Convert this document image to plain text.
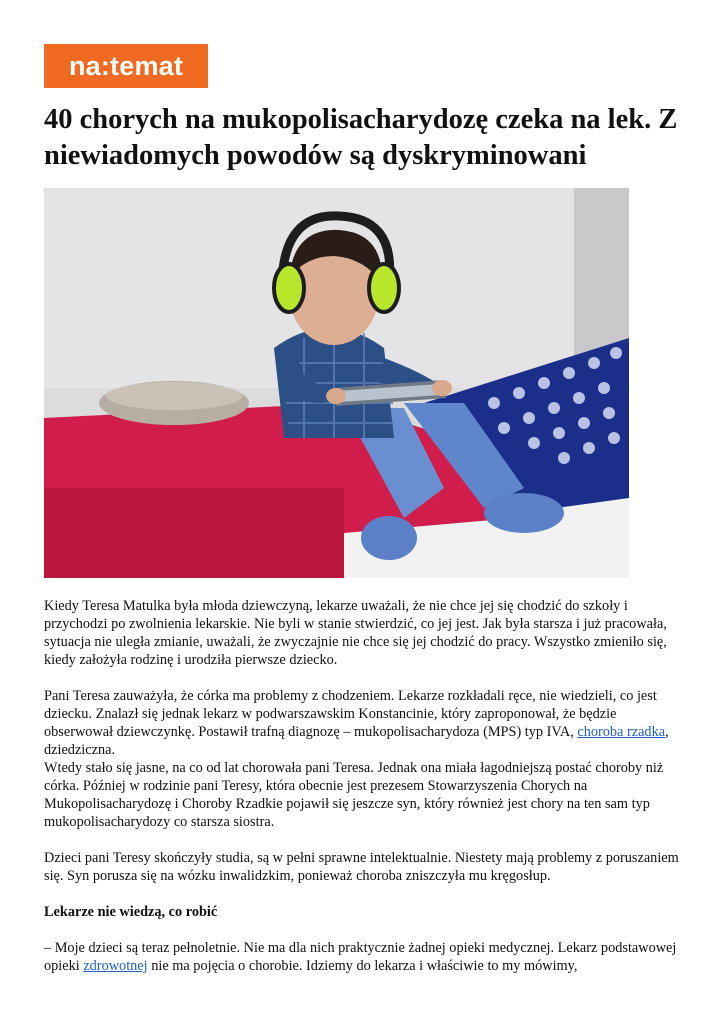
na:temat
40 chorych na mukopolisacharydozę czeka na lek. Z niewiadomych powodów są dyskryminowani

Kiedy Teresa Matulka była młoda dziewczyną, lekarze uważali, że nie chce jej się chodzić do szkoły i przychodzi po zwolnienia lekarskie. Nie byli w stanie stwierdzić, co jej jest. Jak była starsza i już pracowała, sytuacja nie uległa zmianie, uważali, że zwyczajnie nie chce się jej chodzić do pracy. Wszystko zmieniło się, kiedy założyła rodzinę i urodziła pierwsze dziecko.

Pani Teresa zauważyła, że córka ma problemy z chodzeniem. Lekarze rozkładali ręce, nie wiedzieli, co jest dziecku. Znalazł się jednak lekarz w podwarszawskim Konstancinie, który zaproponował, że będzie obserwował dziewczynkę. Postawił trafną diagnozę – mukopolisacharydoza (MPS) typ IVA, choroba rzadka, dziedziczna.

Wtedy stało się jasne, na co od lat chorowała pani Teresa. Jednak ona miała łagodniejszą postać choroby niż córka. Później w rodzinie pani Teresy, która obecnie jest prezesem Stowarzyszenia Chorych na Mukopolisacharydozę i Choroby Rzadkie pojawił się jeszcze syn, który również jest chory na ten sam typ mukopolisacharydozy co starsza siostra.

Dzieci pani Teresy skończyły studia, są w pełni sprawne intelektualnie. Niestety mają problemy z poruszaniem się. Syn porusza się na wózku inwalidzkim, ponieważ choroba zniszczyła mu kręgosłup.

Lekarze nie wiedzą, co robić

– Moje dzieci są teraz pełnoletnie. Nie ma dla nich praktycznie żadnej opieki medycznej. Lekarz podstawowej opieki zdrowotnej nie ma pojęcia o chorobie. Idziemy do lekarza i właściwie to my mówimy,
